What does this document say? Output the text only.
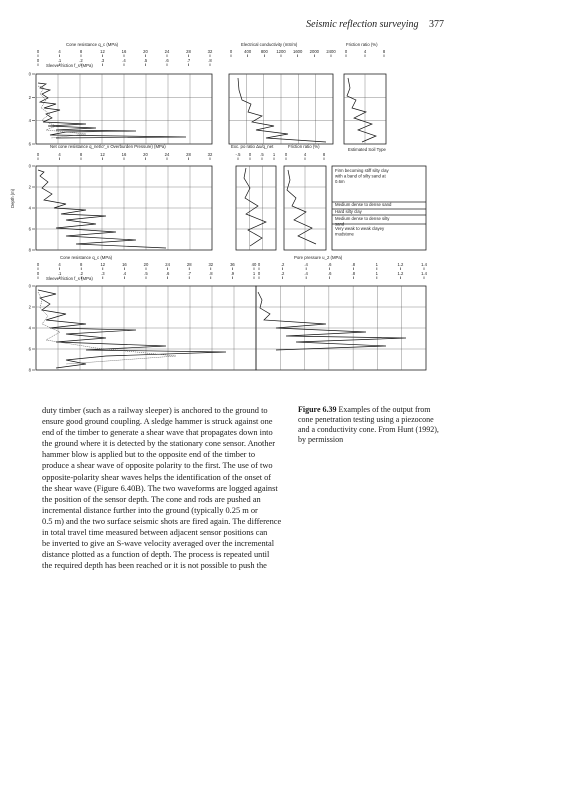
Seismic reflection surveying 377
Cone resistance q_c (MPa)
0	4	8	12	16	20	24	28	32
0	.1	.2	.3	.4	.5	.6	.7	.8
Sleeve friction f_s (MPa)
Electrical conductivity (mS/m)
0	400 800 1200 1600 2000 2400
Friction ratio (%)
0	4	8
0
2
4
6	Net cone resistance q_net/σ'_v Overburden Pressure) (MPa)
0	4	8	12	16	20	24	28	32
Exc. po ratio Δu/q_net
-.5 0 .5 1
Friction ratio (%)
0	4	8
Estimated Soil Type
Depth (m)
0
2
4
6
8
Firm becoming stiff silty clay with a band of silty sand at 0.6m
Medium dense to dense sand
Hard silty clay
Medium dense to dense silty sand
Very weak to weak clayey mudstone
Cone resistance q_c (MPa)
0	4	8	12	16	20	24	28	32	36	40
0	.1	.2	.3	.4	.5	.6	.7	.8	.9	1
Sleeve friction f_s (MPa)
Pore pressure u_2 (MPa)
0	.2	.4	.6	.8	1	1.2	1.4
0	.2	.4	.6	.8	1	1.2	1.4
0
2
4
6
8
duty timber (such as a railway sleeper) is anchored to the ground to
ensure good ground coupling. A sledge hammer is struck against one
end of the timber to generate a shear wave that propagates down into
the ground where it is detected by the stationary cone sensor. Another
hammer blow is applied but to the opposite end of the timber to
produce a shear wave of opposite polarity to the first. The use of two
opposite-polarity shear waves helps the identification of the onset of
the shear wave (Figure 6.40B). The two waveforms are logged against
the position of the sensor depth. The cone and rods are pushed an
incremental distance further into the ground (typically 0.25 m or
0.5 m) and the two surface seismic shots are fired again. The difference
in total travel time measured between adjacent sensor positions can
be inverted to give an S-wave velocity averaged over the incremental
distance plotted as a function of depth. The process is repeated until
the required depth has been reached or it is not possible to push the
Figure 6.39 Examples of the output from cone penetration testing using a piezocone and a conductivity cone. From Hunt (1992), by permission
